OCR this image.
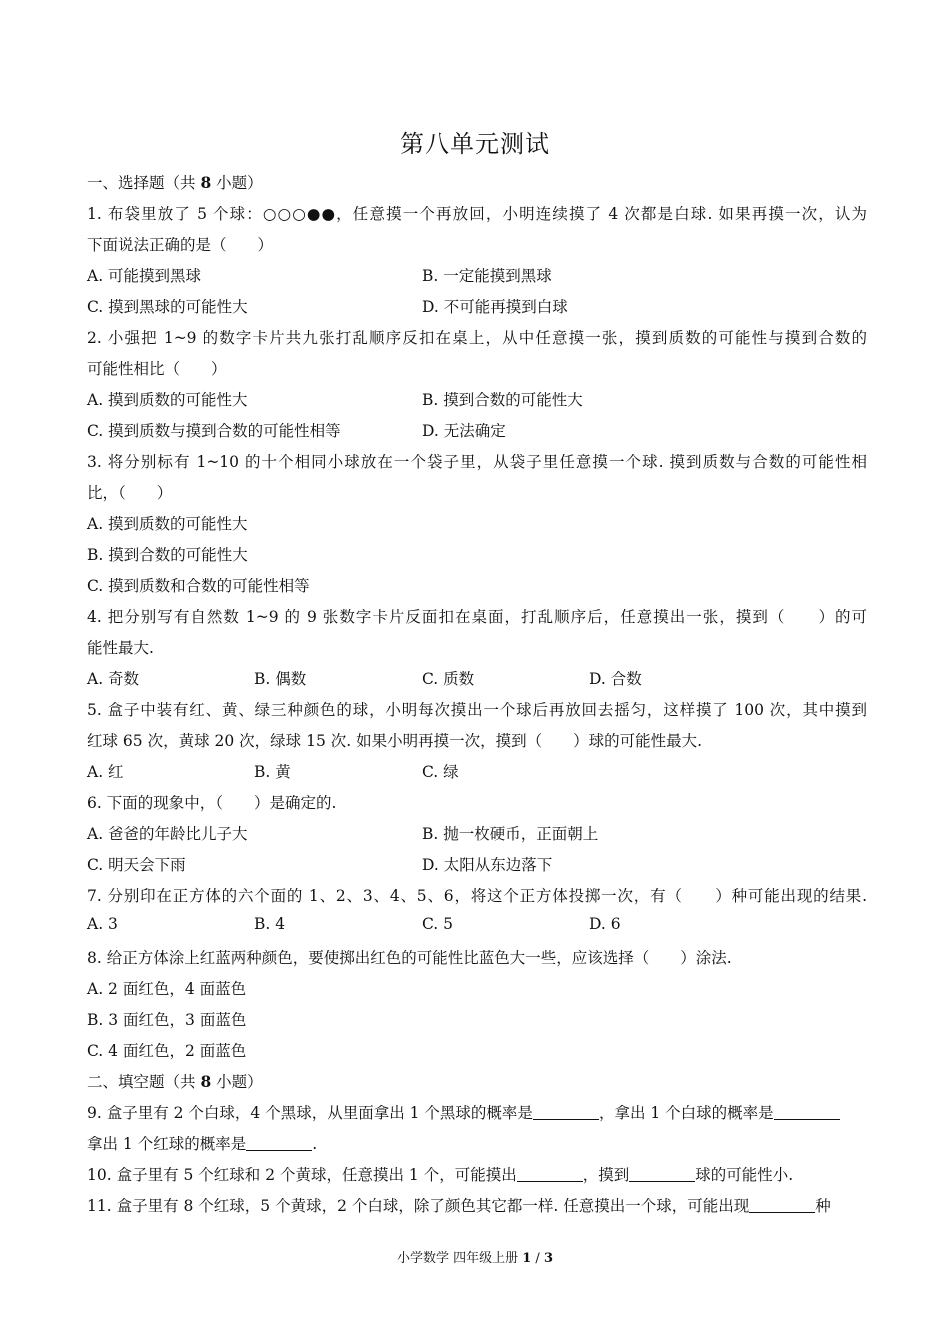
第八单元测试
一、选择题（共 8 小题）
1. 布袋里放了 5 个球：○○○●●，任意摸一个再放回，小明连续摸了 4 次都是白球. 如果再摸一次，认为
下面说法正确的是（　　）
A. 可能摸到黑球	B. 一定能摸到黑球
C. 摸到黑球的可能性大	D. 不可能再摸到白球
2. 小强把 1~9 的数字卡片共九张打乱顺序反扣在桌上，从中任意摸一张，摸到质数的可能性与摸到合数的
可能性相比（　　）
A. 摸到质数的可能性大	B. 摸到合数的可能性大
C. 摸到质数与摸到合数的可能性相等	D. 无法确定
3. 将分别标有 1~10 的十个相同小球放在一个袋子里，从袋子里任意摸一个球. 摸到质数与合数的可能性相
比，（　　）
A. 摸到质数的可能性大
B. 摸到合数的可能性大
C. 摸到质数和合数的可能性相等
4. 把分别写有自然数 1~9 的 9 张数字卡片反面扣在桌面，打乱顺序后，任意摸出一张，摸到（　　）的可
能性最大.
A. 奇数	B. 偶数	C. 质数	D. 合数
5. 盒子中装有红、黄、绿三种颜色的球，小明每次摸出一个球后再放回去摇匀，这样摸了 100 次，其中摸到
红球 65 次，黄球 20 次，绿球 15 次. 如果小明再摸一次，摸到（　　）球的可能性最大.
A. 红	B. 黄	C. 绿
6. 下面的现象中，（　　）是确定的.
A. 爸爸的年龄比儿子大	B. 抛一枚硬币，正面朝上
C. 明天会下雨	D. 太阳从东边落下
7. 分别印在正方体的六个面的 1、2、3、4、5、6，将这个正方体投掷一次，有（　　）种可能出现的结果.
A. 3	B. 4	C. 5	D. 6
8. 给正方体涂上红蓝两种颜色，要使掷出红色的可能性比蓝色大一些，应该选择（　　）涂法.
A. 2 面红色，4 面蓝色
B. 3 面红色，3 面蓝色
C. 4 面红色，2 面蓝色
二、填空题（共 8 小题）
9. 盒子里有 2 个白球，4 个黑球，从里面拿出 1 个黑球的概率是	，拿出 1 个白球的概率是
拿出 1 个红球的概率是	.
10. 盒子里有 5 个红球和 2 个黄球，任意摸出 1 个，可能摸出	，摸到	球的可能性小.
11. 盒子里有 8 个红球，5 个黄球，2 个白球，除了颜色其它都一样. 任意摸出一个球，可能出现	种
小学数学 四年级上册 1 / 3
